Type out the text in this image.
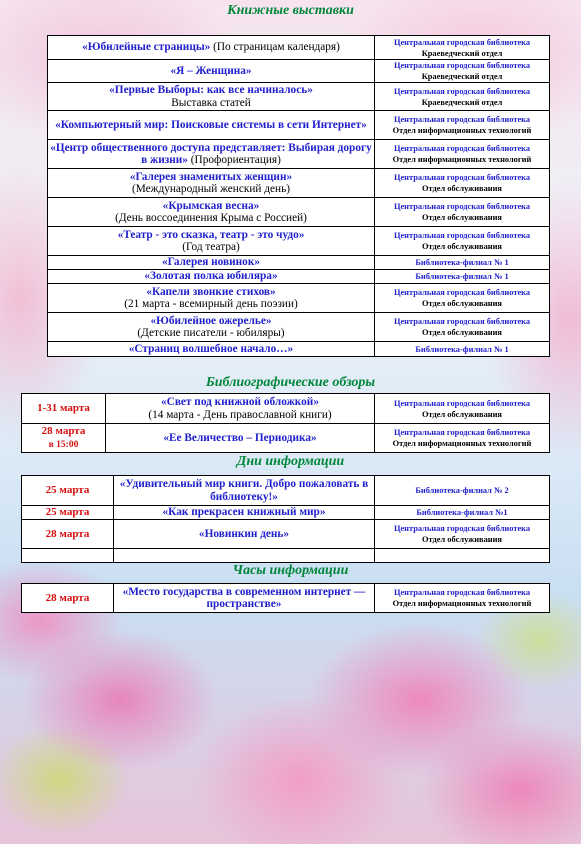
Книжные выставки
«Юбилейные страницы» (По страницам календаря)	Центральная городская библиотека
Краеведческий отдел

«Я – Женщина»	Центральная городская библиотека
Краеведческий отдел

«Первые Выборы: как все начиналось»
Выставка статей	Центральная городская библиотека
Краеведческий отдел

«Компьютерный мир: Поисковые системы в сети Интернет»	Центральная городская библиотека
Отдел информационных технологий

«Центр общественного доступа представляет: Выбирая дорогу в жизни» (Профориентация)	Центральная городская библиотека
Отдел информационных технологий

«Галерея знаменитых женщин»
(Международный женский день)	Центральная городская библиотека
Отдел обслуживания

«Крымская весна»
(День воссоединения Крыма с Россией)	Центральная городская библиотека
Отдел обслуживания

«Театр - это сказка, театр - это чудо»
(Год театра)	Центральная городская библиотека
Отдел обслуживания

«Галерея новинок»	Библиотека-филиал № 1

«Золотая полка юбиляра»	Библиотека-филиал № 1

«Капели звонкие стихов»
(21 марта - всемирный день поэзии)	Центральная городская библиотека
Отдел обслуживания

«Юбилейное ожерелье»
(Детские писатели - юбиляры)	Центральная городская библиотека
Отдел обслуживания

«Страниц волшебное начало…»	Библиотека-филиал № 1
Библиографические обзоры
1-31 марта	«Свет под книжной обложкой»
(14 марта - День православной книги)	Центральная городская библиотека
Отдел обслуживания

28 марта
в 15:00	«Ее Величество – Периодика»	Центральная городская библиотека
Отдел информационных технологий
Дни информации
25 марта	«Удивительный мир книги. Добро пожаловать в библиотеку!»	Библиотека-филиал № 2

25 марта	«Как прекрасен книжный мир»	Библиотека-филиал №1

28 марта	«Новинкин день»	Центральная городская библиотека
Отдел обслуживания

Часы информации
28 марта	«Место государства в современном интернет — пространстве»	
Центральная городская библиотека
Отдел информационных технологий
